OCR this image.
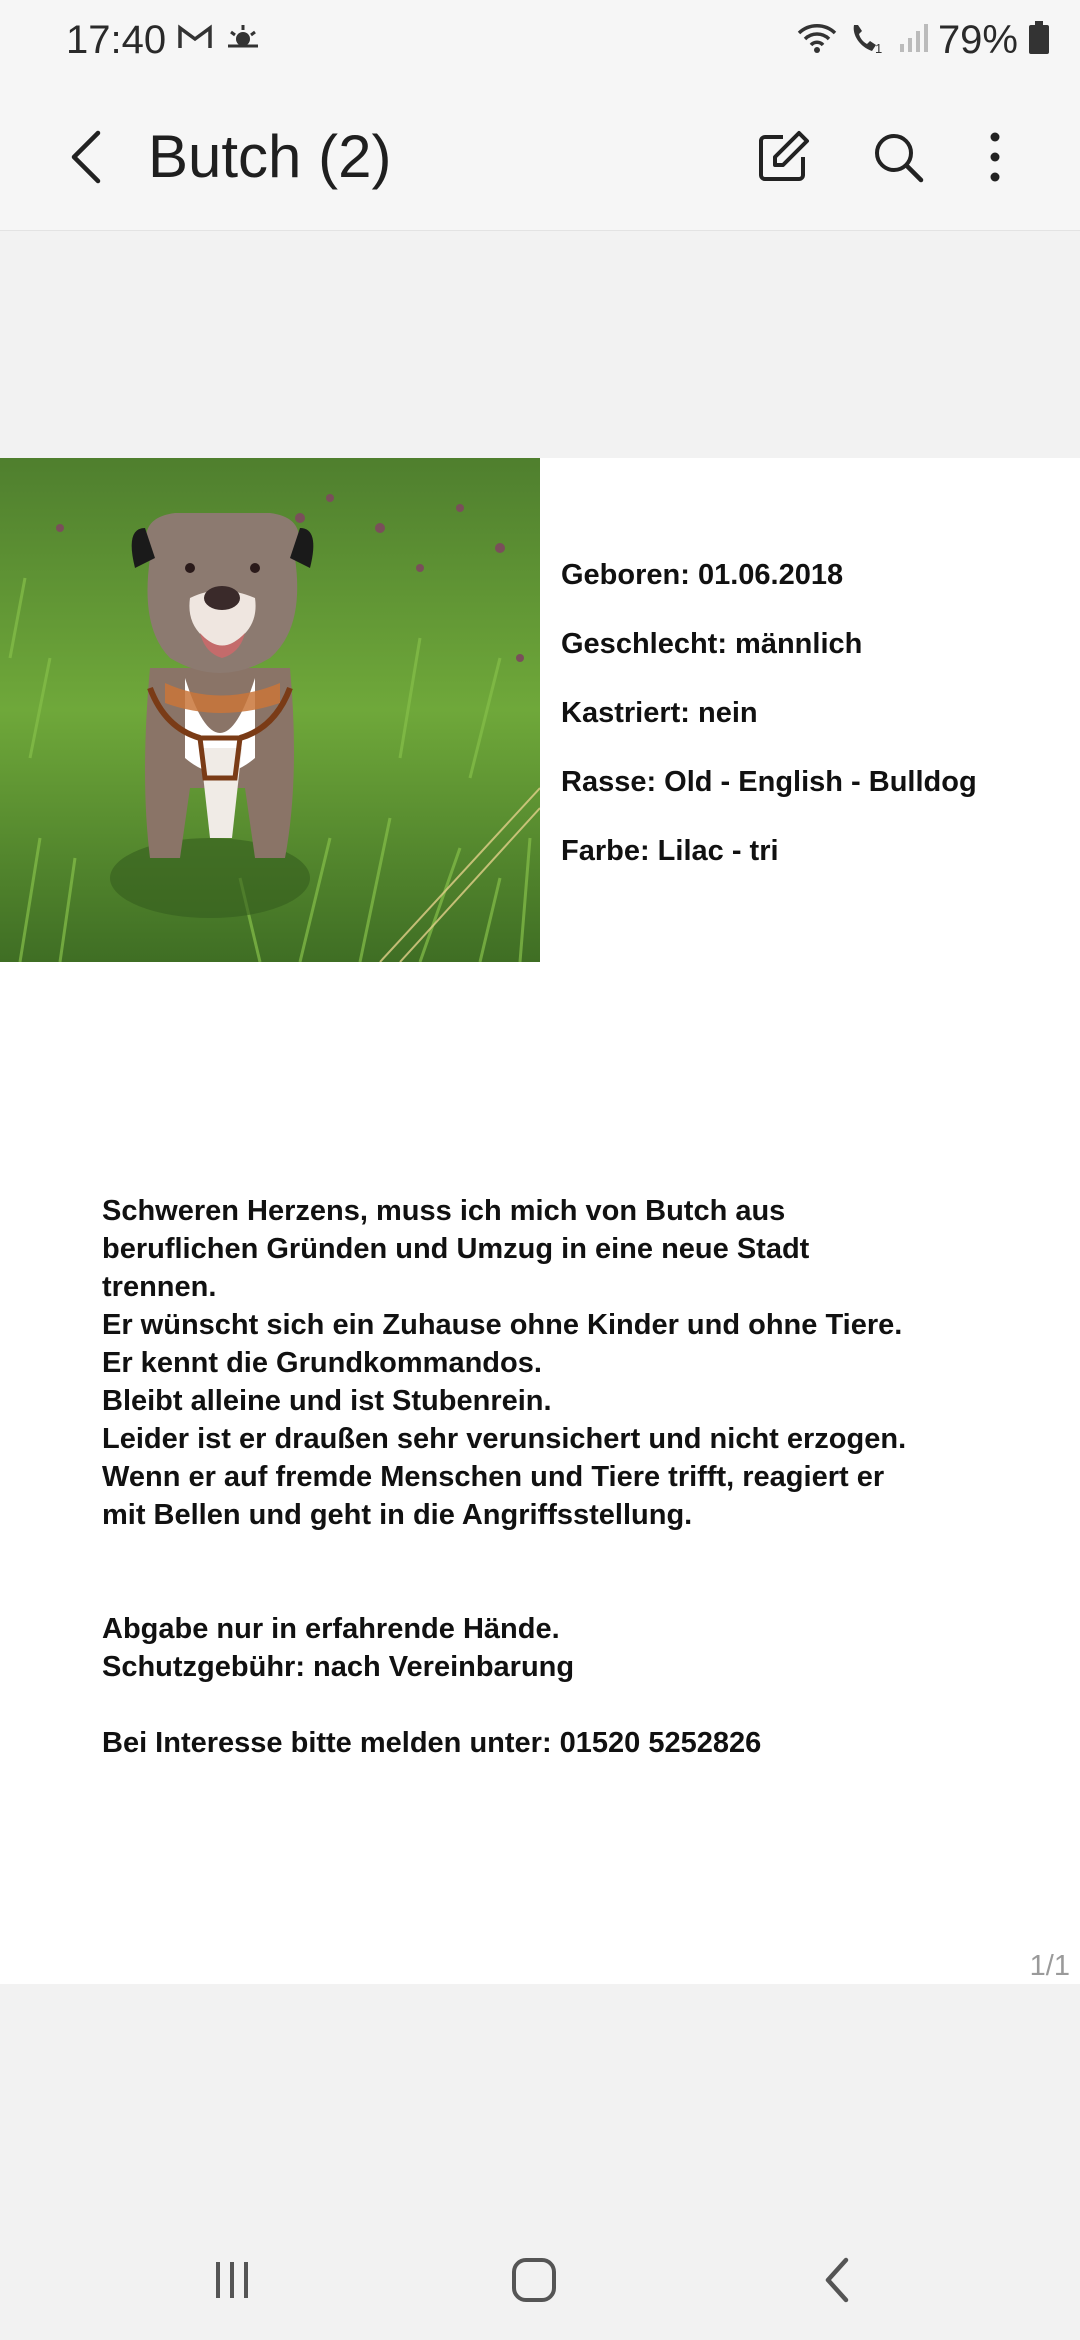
17:40	1 79%
Butch (2)
Geboren: 01.06.2018
Geschlecht: männlich
Kastriert: nein
Rasse: Old - English - Bulldog
Farbe: Lilac - tri

Schweren Herzens, muss ich mich von Butch aus

beruflichen Gründen und Umzug in eine neue Stadt

trennen.

Er wünscht sich ein Zuhause ohne Kinder und ohne Tiere.

Er kennt die Grundkommandos.

Bleibt alleine und ist Stubenrein.

Leider ist er draußen sehr verunsichert und nicht erzogen.

Wenn er auf fremde Menschen und Tiere trifft, reagiert er

mit Bellen und geht in die Angriffsstellung.

Abgabe nur in erfahrende Hände.

Schutzgebühr: nach Vereinbarung

Bei Interesse bitte melden unter: 01520 5252826

1/1
